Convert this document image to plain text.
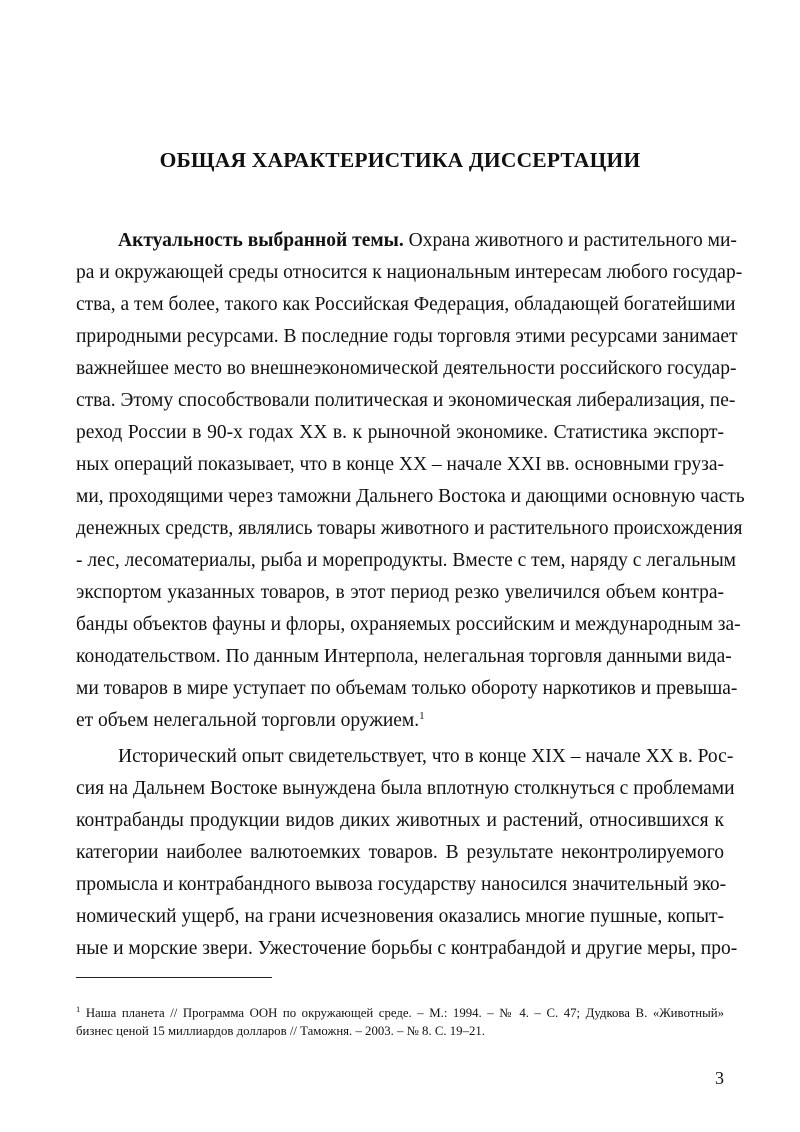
ОБЩАЯ ХАРАКТЕРИСТИКА ДИССЕРТАЦИИ
Актуальность выбранной темы. Охрана животного и растительного ми-
ра и окружающей среды относится к национальным интересам любого государ-
ства, а тем более, такого как Российская Федерация, обладающей богатейшими
природными ресурсами. В последние годы торговля этими ресурсами занимает
важнейшее место во внешнеэкономической деятельности российского государ-
ства. Этому способствовали политическая и экономическая либерализация, пе-
реход России в 90-х годах XX в. к рыночной экономике. Статистика экспорт-
ных операций показывает, что в конце XX – начале XXI вв. основными груза-
ми, проходящими через таможни Дальнего Востока и дающими основную часть
денежных средств, являлись товары животного и растительного происхождения
- лес, лесоматериалы, рыба и морепродукты. Вместе с тем, наряду с легальным
экспортом указанных товаров, в этот период резко увеличился объем контра-
банды объектов фауны и флоры, охраняемых российским и международным за-
конодательством. По данным Интерпола, нелегальная торговля данными вида-
ми товаров в мире уступает по объемам только обороту наркотиков и превыша-
ет объем нелегальной торговли оружием.$^1$
Исторический опыт свидетельствует, что в конце XIX – начале XX в. Рос-
сия на Дальнем Востоке вынуждена была вплотную столкнуться с проблемами
контрабанды продукции видов диких животных и растений, относившихся к
категории наиболее валютоемких товаров. В результате неконтролируемого
промысла и контрабандного вывоза государству наносился значительный эко-
номический ущерб, на грани исчезновения оказались многие пушные, копыт-
ные и морские звери. Ужесточение борьбы с контрабандой и другие меры, про-
$^1$ Наша планета // Программа ООН по окружающей среде. – М.: 1994. – № 4. – С. 47; Дудкова В. «Животный»
бизнес ценой 15 миллиардов долларов // Таможня. – 2003. – № 8. С. 19–21.
3
